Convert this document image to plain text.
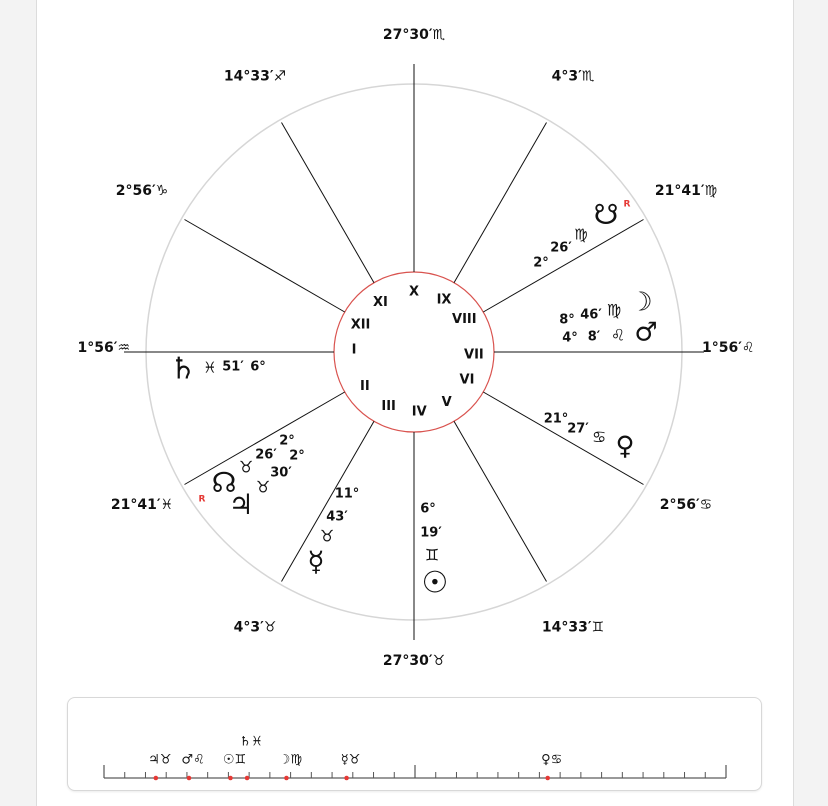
27°30′♏
4°3′♏
21°41′♍
1°56′♌
2°56′♋
14°33′♊
27°30′♉
4°3′♉
21°41′♓
1°56′♒
2°56′♑
14°33′♐
X
IX
VIII
VII
VI
V
IV
III
II
I
XII
XI
2°
26′
♍
☋ R
8° 46′ ♍ ☽
4° 8′ ♌ ♂
21°
27′ ♋ ♀
6°
19′
♊
☉
11°
43′
♉
☿
2°
26′
♉
☊
R
2°
30′
♉
♃
6°
51′
♓
♄
♃♉ ♂♌ ☉♊
♄♓
☽♍	☿♉	♀♋
